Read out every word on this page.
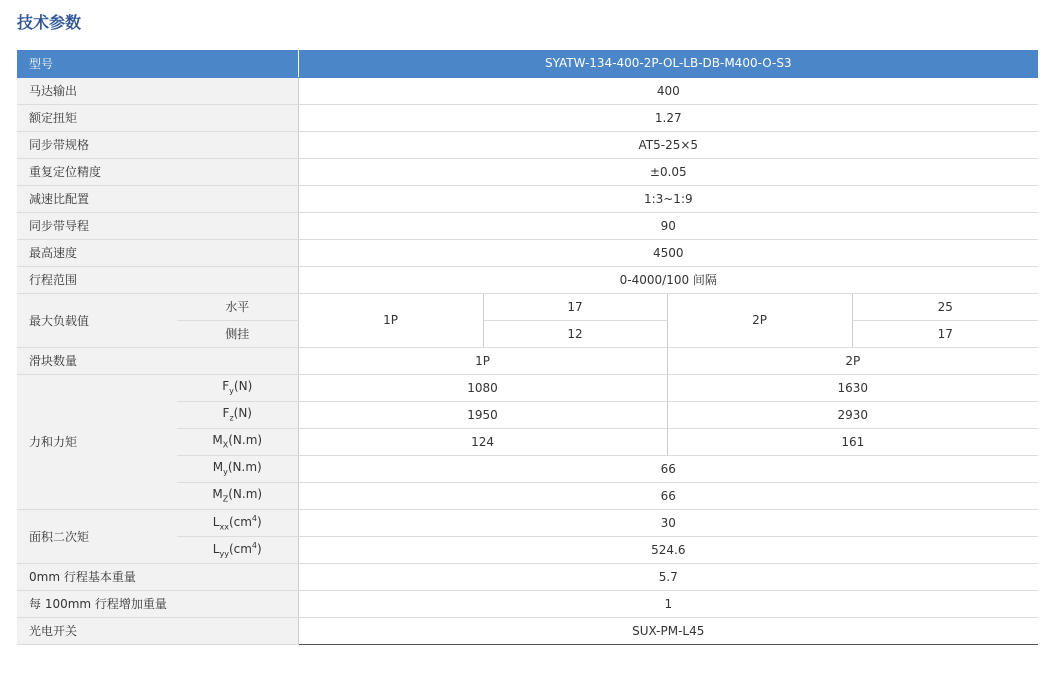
技术参数
型号		SYATW-134-400-2P-OL-LB-DB-M400-O-S3			
马达输出		400			
额定扭矩		1.27			
同步带规格		AT5-25×5			
重复定位精度		±0.05			
减速比配置		1:3~1:9			
同步带导程		90			
最高速度		4500			
行程范围		0-4000/100 间隔			
最大负载值	水平	1P	17	2P	25
	侧挂		12		17
滑块数量		1P		2P	
力和力矩	$F_y(N)$	1080		1630	
	$F_z(N)$	1950		2930	
	$M_X(N.m)$	124		161	
	$M_y(N.m)$	66			
	$M_Z(N.m)$	66			
面积二次矩	$L_{xx}(cm^4)$	30			
	$L_{yy}(cm^4)$	524.6			
0mm 行程基本重量		5.7			
每 100mm 行程增加重量		1			
光电开关		SUX-PM-L45			
